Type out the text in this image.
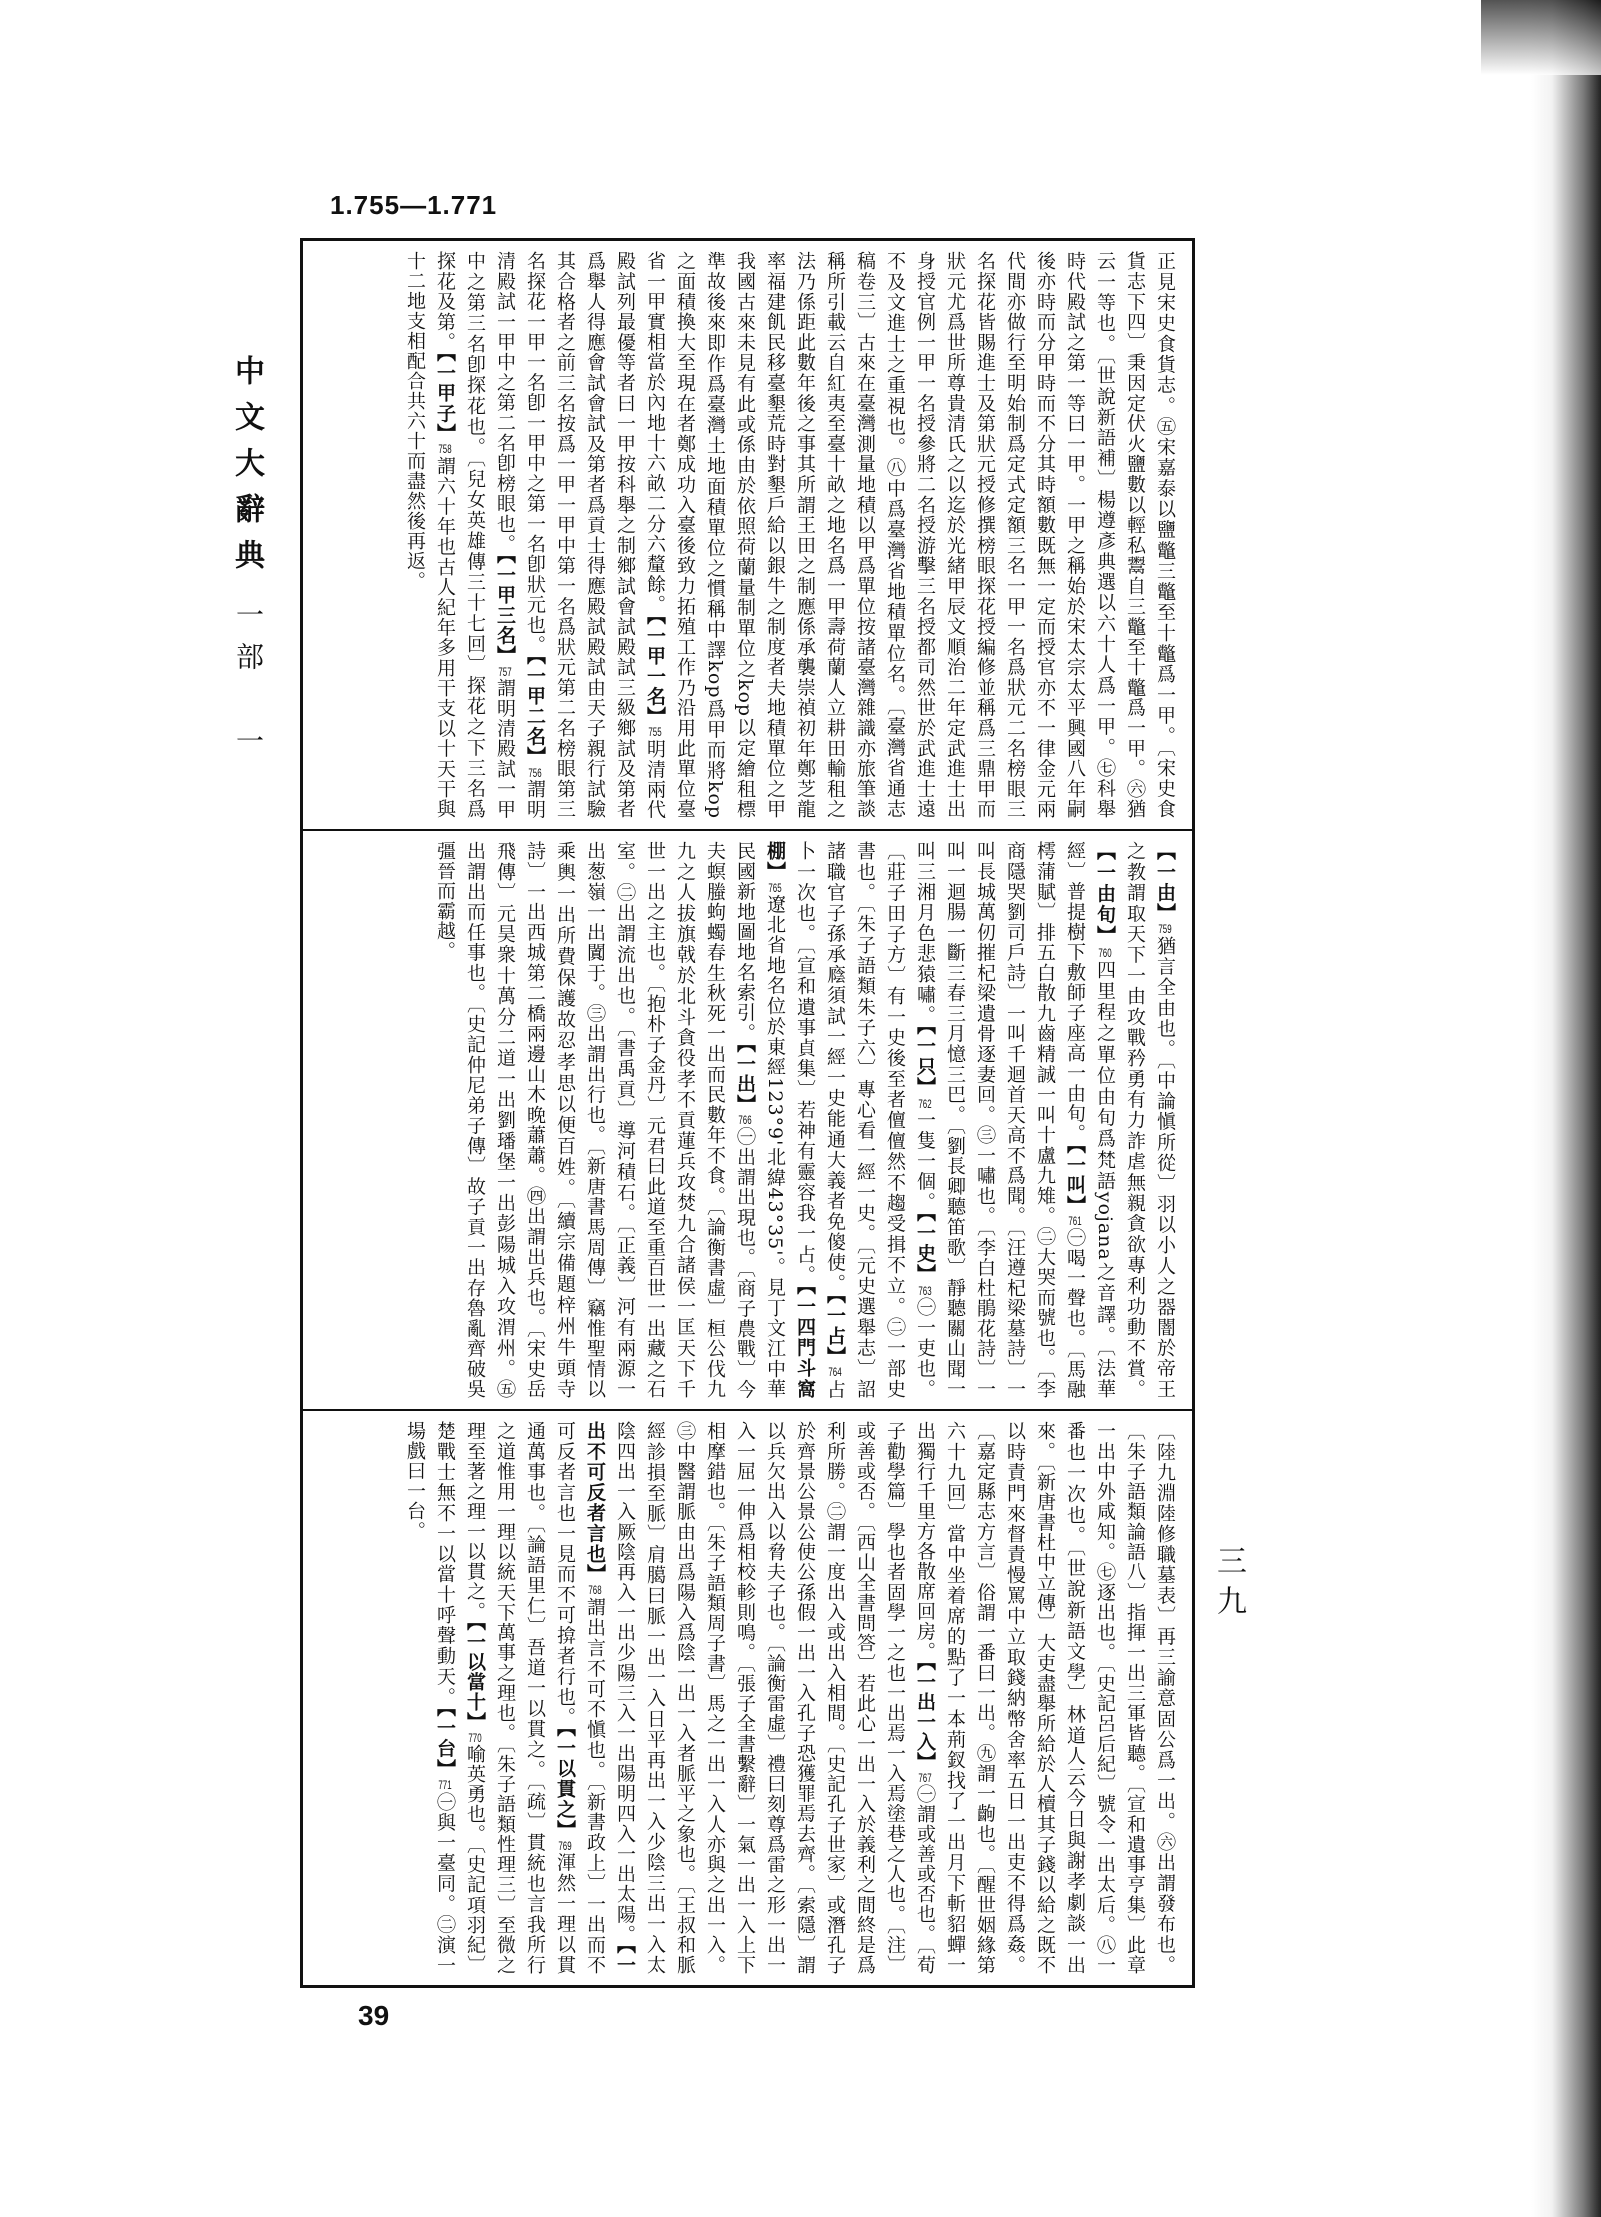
1.755—1.771
中文大辭典
一部　一
三九
39
正見宋史食貨志。㊄宋嘉泰以鹽鼈三鼈至十鼈爲一甲。〔宋史食貨志下四〕秉因定伏火鹽數以輕私鬻自三鼈至十鼈爲一甲。㊅猶云一等也。〔世說新語補〕楊遵彥典選以六十人爲一甲。㊆科舉時代殿試之第一等曰一甲。一甲之稱始於宋太宗太平興國八年嗣後亦時而分甲時而不分其時額數既無一定而授官亦不一律金元兩代間亦做行至明始制爲定式定額三名一甲一名爲狀元二名榜眼三名探花皆賜進士及第狀元授修撰榜眼探花授編修並稱爲三鼎甲而狀元尤爲世所尊貴清氏之以迄於光緒甲辰文順治二年定武進士出身授官例一甲一名授參將二名授游擊三名授都司然世於武進士遠不及文進士之重視也。㊇中爲臺灣省地積單位名。〔臺灣省通志稿卷三〕古來在臺灣測量地積以甲爲單位按諸臺灣雜識亦旅筆談稱所引載云自紅夷至臺十畝之地名爲一甲壽荷蘭人立耕田輸租之法乃係距此數年後之事其所謂王田之制應係承襲崇禎初年鄭芝龍率福建飢民移臺墾荒時對墾戶給以銀牛之制度者夫地積單位之甲我國古來未見有此或係由於依照荷蘭量制單位之kop以定繪租標準故後來即作爲臺灣土地面積單位之慣稱中譯kop爲甲而將kop之面積換大至現在者鄭成功入臺後致力拓殖工作乃沿用此單位臺省一甲實相當於內地十六畝二分六釐餘。【一甲一名】755明清兩代殿試列最優等者曰一甲按科舉之制鄉試會試殿試三級鄉試及第者爲舉人得應會試會試及第者爲貢士得應殿試殿試由天子親行試驗其合格者之前三名按爲一甲一甲中第一名爲狀元第二名榜眼第三名探花一甲一名卽一甲中之第一名卽狀元也。【一甲二名】756謂明清殿試一甲中之第二名卽榜眼也。【一甲三名】757謂明清殿試一甲中之第三名卽探花也。〔兒女英雄傳三十七回〕探花之下三名爲探花及第。【一甲子】758謂六十年也古人紀年多用干支以十天干與十二地支相配合共六十而盡然後再返。
【一由】759猶言全由也。〔中論愼所從〕羽以小人之器闇於帝王之教謂取天下一由攻戰矜勇有力詐虐無親貪欲專利功動不賞。【一由旬】760四里程之單位由旬爲梵語yojana之音譯。〔法華經〕普提樹下敷師子座高一由旬。【一叫】761㊀喝一聲也。〔馬融樗蒲賦〕排五白散九齒精誠一叫十盧九雉。㊁大哭而號也。〔李商隱哭劉司戶詩〕一叫千迴首天高不爲聞。〔汪遵杞梁墓詩〕一叫長城萬仞摧杞梁遺骨逐妻回。㊂一嘯也。〔李白杜鵑花詩〕一叫一迴腸一斷三春三月憶三巴。〔劉長卿聽笛歌〕靜聽關山聞一叫三湘月色悲猿嘯。【一只】762一隻一個。【一史】763㊀一吏也。〔莊子田子方〕有一史後至者儃儃然不趨受揖不立。㊁一部史書也。〔朱子語類朱子六〕專心看一經一史。〔元史選舉志〕詔諸職官子孫承廕須試一經一史能通大義者免傻使。【一占】764占卜一次也。〔宣和遺事貞集〕若神有靈容我一占。【一四門斗窩棚】765遼北省地名位於東經123°9'北緯43°35'。見丁文江中華民國新地圖地名索引。【一出】766㊀出謂出現也。〔商子農戰〕今夫螟螣蚼蠋春生秋死一出而民數年不食。〔論衡書虛〕桓公伐九九之人拔旗戟於北斗貪役孝不貢蓮兵攻焚九合諸侯一匡天下千世一出之主也。〔抱朴子金丹〕元君曰此道至重百世一出藏之石室。㊁出謂流出也。〔書禹貢〕導河積石。〔正義〕河有兩源一出葱嶺一出闐于。㊂出謂出行也。〔新唐書馬周傳〕竊惟聖情以乘輿一出所費保護故忍孝思以便百姓。〔續宗備題梓州牛頭寺詩〕一出西城第二橋兩邊山木晚蕭蕭。㊃出謂出兵也。〔宋史岳飛傳〕元昊衆十萬分二道一出劉璠堡一出彭陽城入攻渭州。㊄出謂出而任事也。〔史記仲尼弟子傳〕故子貢一出存魯亂齊破吳彊晉而霸越。
〔陸九淵陸修職墓表〕再三諭意固公爲一出。㊅出謂發布也。〔朱子語類論語八〕指揮一出三軍皆聽。〔宣和遺事亨集〕此章一出中外咸知。㊆逐出也。〔史記呂后紀〕號令一出太后。㊇一番也一次也。〔世說新語文學〕林道人云今日與謝孝劇談一出來。〔新唐書杜中立傳〕大吏盡舉所給於人櫝其子錢以給之既不以時責門來督責慢罵中立取錢納幣舍率五日一出吏不得爲姦。〔嘉定縣志方言〕俗謂一番曰一出。㊈謂一齣也。〔醒世姻緣第六十九回〕當中坐着席的點了一本荊釵找了一出月下斬貂蟬一出獨行千里方各散席回房。【一出一入】767㊀謂或善或否也。〔荀子勸學篇〕學也者固學一之也一出焉一入焉塗巷之人也。〔注〕或善或否。〔西山全書問答〕若此心一出一入於義利之間終是爲利所勝。㊁謂一度出入或出入相間。〔史記孔子世家〕或潛孔子於齊景公景公使公孫假一出一入孔子恐獲罪焉去齊。〔索隱〕謂以兵欠出入以脅夫子也。〔論衡雷虛〕禮曰刻尊爲雷之形一出一入一屈一伸爲相校軫則鳴。〔張子全書繫辭〕一氣一出一入上下相摩錯也。〔朱子語類周子書〕馬之一出一入人亦與之出一入。㊂中醫謂脈由出爲陽入爲陰一出一入者脈平之象也。〔王叔和脈經診損至脈〕肩臈曰脈一出一入日平再出一入少陰三出一入太陰四出一入厥陰再入一出少陽三入一出陽明四入一出太陽。【一出不可反者言也】768謂出言不可不愼也。〔新書政上〕一出而不可反者言也一見而不可揜者行也。【一以貫之】769渾然一理以貫通萬事也。〔論語里仁〕吾道一以貫之。〔疏〕貫統也言我所行之道惟用一理以統天下萬事之理也。〔朱子語類性理三〕至微之理至著之理一以貫之。【一以當十】770喻英勇也。〔史記項羽紀〕楚戰士無不一以當十呼聲動天。【一台】771㊀與一臺同。㊁演一場戲曰一台。
